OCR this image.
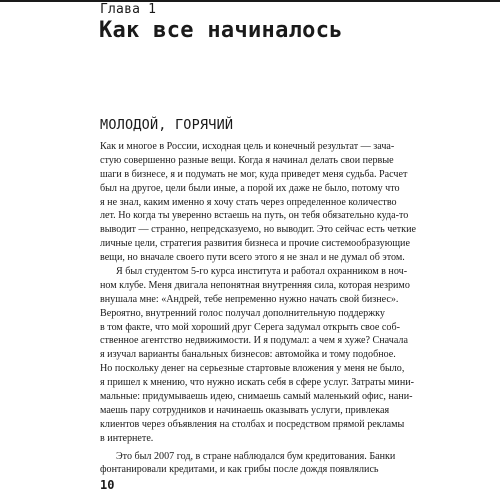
Глава 1
Как все начиналось
МОЛОДОЙ, ГОРЯЧИЙ
Как и многое в России, исходная цель и конечный результат — зача-
стую совершенно разные вещи. Когда я начинал делать свои первые
шаги в бизнесе, я и подумать не мог, куда приведет меня судьба. Расчет
был на другое, цели были иные, а порой их даже не было, потому что
я не знал, каким именно я хочу стать через определенное количество
лет. Но когда ты уверенно встаешь на путь, он тебя обязательно куда-то
выводит — странно, непредсказуемо, но выводит. Это сейчас есть четкие
личные цели, стратегия развития бизнеса и прочие системообразующие
вещи, но вначале своего пути всего этого я не знал и не думал об этом.
Я был студентом 5-го курса института и работал охранником в ноч-
ном клубе. Меня двигала непонятная внутренняя сила, которая незримо
внушала мне: «Андрей, тебе непременно нужно начать свой бизнес».
Вероятно, внутренний голос получал дополнительную поддержку
в том факте, что мой хороший друг Серега задумал открыть свое соб-
ственное агентство недвижимости. И я подумал: а чем я хуже? Сначала
я изучал варианты банальных бизнесов: автомойка и тому подобное.
Но поскольку денег на серьезные стартовые вложения у меня не было,
я пришел к мнению, что нужно искать себя в сфере услуг. Затраты мини-
мальные: придумываешь идею, снимаешь самый маленький офис, нани-
маешь пару сотрудников и начинаешь оказывать услуги, привлекая
клиентов через объявления на столбах и посредством прямой рекламы
в интернете.
Это был 2007 год, в стране наблюдался бум кредитования. Банки
фонтанировали кредитами, и как грибы после дождя появлялись
10
